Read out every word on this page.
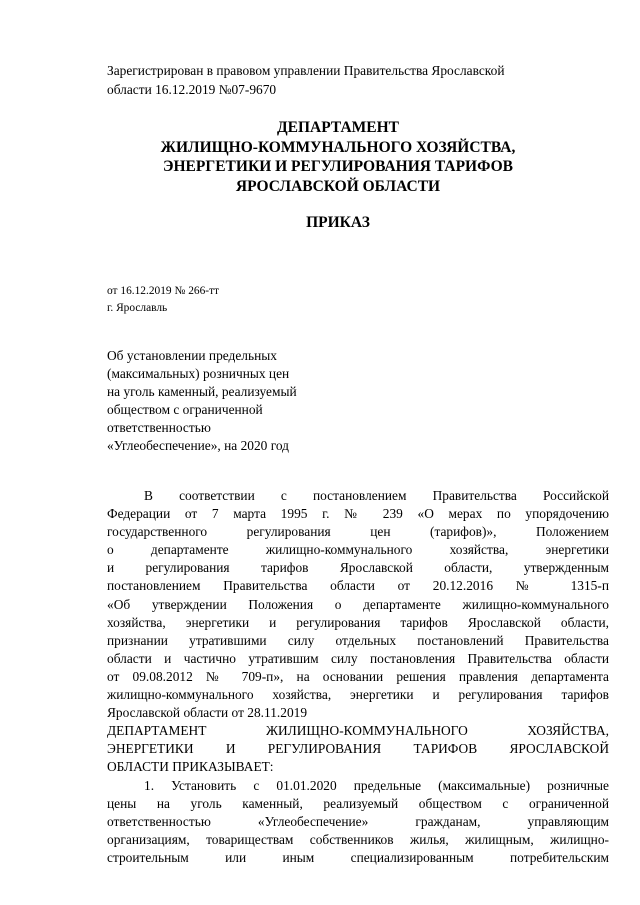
Зарегистрирован в правовом управлении Правительства Ярославской
области 16.12.2019 №07-9670
ДЕПАРТАМЕНТ
ЖИЛИЩНО-КОММУНАЛЬНОГО ХОЗЯЙСТВА,
ЭНЕРГЕТИКИ И РЕГУЛИРОВАНИЯ ТАРИФОВ
ЯРОСЛАВСКОЙ ОБЛАСТИ
ПРИКАЗ
от 16.12.2019 № 266-тт
г. Ярославль
Об установлении предельных
(максимальных) розничных цен
на уголь каменный, реализуемый
обществом с ограниченной
ответственностью
«Углеобеспечение», на 2020 год
В соответствии с постановлением Правительства Российской
Федерации от 7 марта 1995 г. № 239 «О мерах по упорядочению
государственного регулирования цен (тарифов)», Положением
о департаменте жилищно-коммунального хозяйства, энергетики
и регулирования тарифов Ярославской области, утвержденным
постановлением Правительства области от 20.12.2016 № 1315-п
«Об утверждении Положения о департаменте жилищно-коммунального
хозяйства, энергетики и регулирования тарифов Ярославской области,
признании утратившими силу отдельных постановлений Правительства
области и частично утратившим силу постановления Правительства области
от 09.08.2012 № 709-п», на основании решения правления департамента
жилищно-коммунального хозяйства, энергетики и регулирования тарифов
Ярославской области от 28.11.2019
ДЕПАРТАМЕНТ ЖИЛИЩНО-КОММУНАЛЬНОГО ХОЗЯЙСТВА,
ЭНЕРГЕТИКИ И РЕГУЛИРОВАНИЯ ТАРИФОВ ЯРОСЛАВСКОЙ
ОБЛАСТИ ПРИКАЗЫВАЕТ:
1. Установить с 01.01.2020 предельные (максимальные) розничные
цены на уголь каменный, реализуемый обществом с ограниченной
ответственностью «Углеобеспечение» гражданам, управляющим
организациям, товариществам собственников жилья, жилищным, жилищно-
строительным или иным специализированным потребительским
